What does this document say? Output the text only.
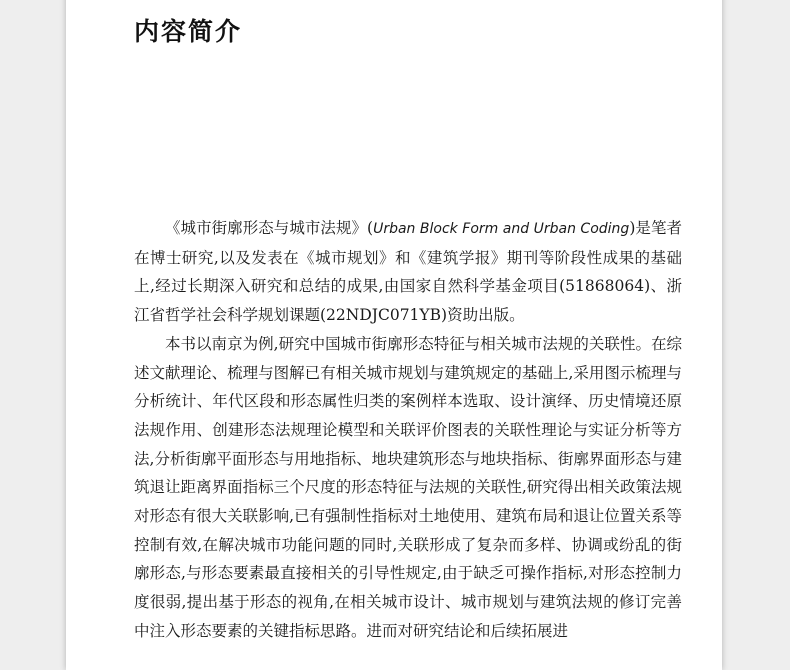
内容简介

《城市街廓形态与城市法规》(Urban Block Form and Urban Coding)是笔者在博士研究,以及发表在《城市规划》和《建筑学报》期刊等阶段性成果的基础上,经过长期深入研究和总结的成果,由国家自然科学基金项目(51868064)、浙江省哲学社会科学规划课题(22NDJC071YB)资助出版。

本书以南京为例,研究中国城市街廓形态特征与相关城市法规的关联性。在综述文献理论、梳理与图解已有相关城市规划与建筑规定的基础上,采用图示梳理与分析统计、年代区段和形态属性归类的案例样本选取、设计演绎、历史情境还原法规作用、创建形态法规理论模型和关联评价图表的关联性理论与实证分析等方法,分析街廓平面形态与用地指标、地块建筑形态与地块指标、街廓界面形态与建筑退让距离界面指标三个尺度的形态特征与法规的关联性,研究得出相关政策法规对形态有很大关联影响,已有强制性指标对土地使用、建筑布局和退让位置关系等控制有效,在解决城市功能问题的同时,关联形成了复杂而多样、协调或纷乱的街廓形态,与形态要素最直接相关的引导性规定,由于缺乏可操作指标,对形态控制力度很弱,提出基于形态的视角,在相关城市设计、城市规划与建筑法规的修订完善中注入形态要素的关键指标思路。进而对研究结论和后续拓展进
